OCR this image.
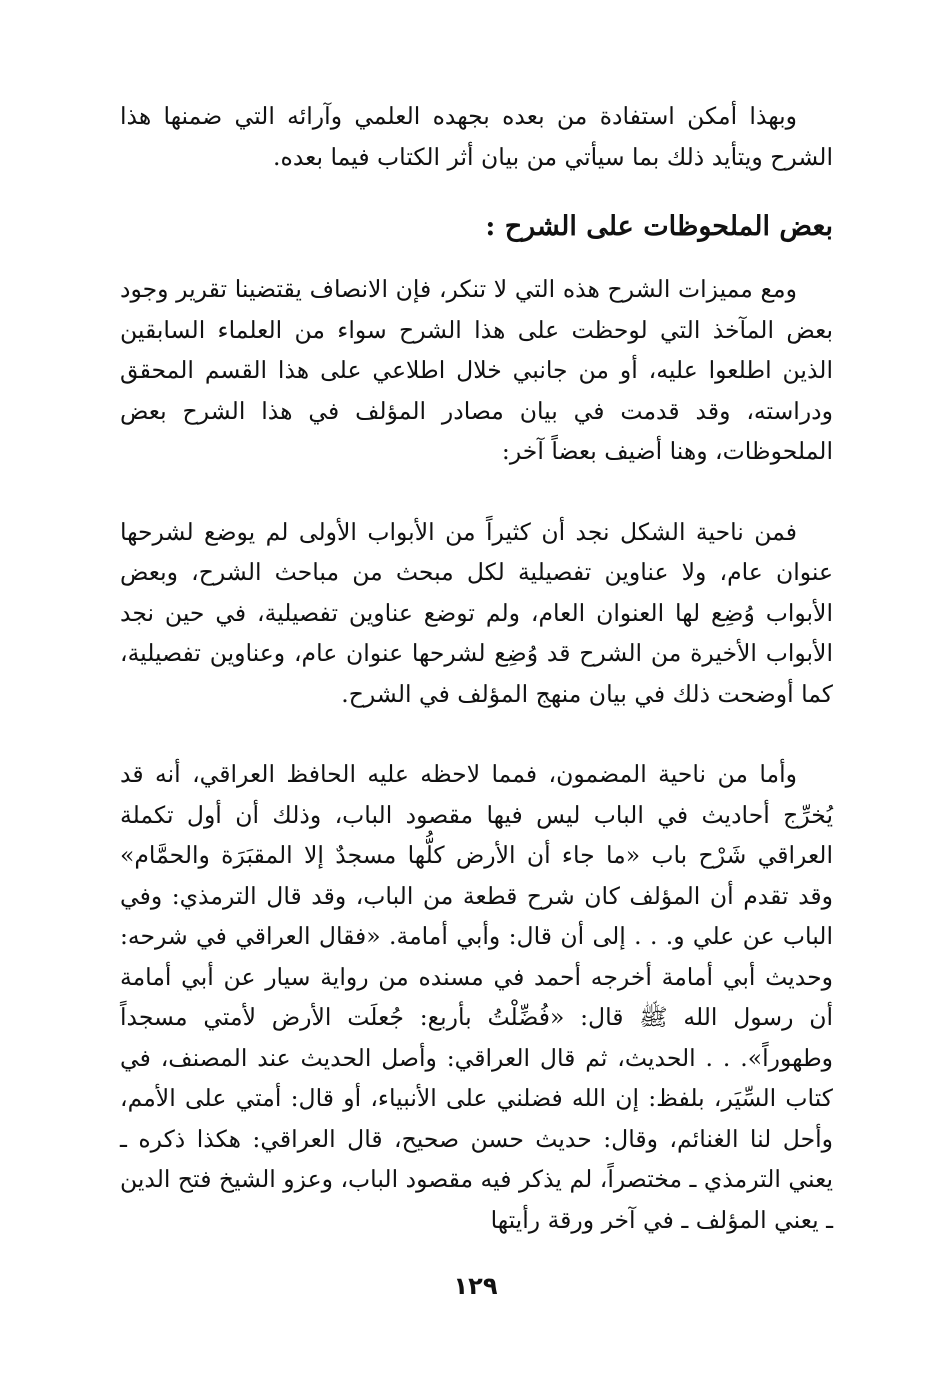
وبهذا أمكن استفادة من بعده بجهده العلمي وآرائه التي ضمنها هذا الشرح ويتأيد ذلك بما سيأتي من بيان أثر الكتاب فيما بعده.

بعض الملحوظات على الشرح :

ومع مميزات الشرح هذه التي لا تنكر، فإن الانصاف يقتضينا تقرير وجود بعض المآخذ التي لوحظت على هذا الشرح سواء من العلماء السابقين الذين اطلعوا عليه، أو من جانبي خلال اطلاعي على هذا القسم المحقق ودراسته، وقد قدمت في بيان مصادر المؤلف في هذا الشرح بعض الملحوظات، وهنا أضيف بعضاً آخر:

فمن ناحية الشكل نجد أن كثيراً من الأبواب الأولى لم يوضع لشرحها عنوان عام، ولا عناوين تفصيلية لكل مبحث من مباحث الشرح، وبعض الأبواب وُضِع لها العنوان العام، ولم توضع عناوين تفصيلية، في حين نجد الأبواب الأخيرة من الشرح قد وُضِع لشرحها عنوان عام، وعناوين تفصيلية، كما أوضحت ذلك في بيان منهج المؤلف في الشرح.

وأما من ناحية المضمون، فمما لاحظه عليه الحافظ العراقي، أنه قد يُخرِّج أحاديث في الباب ليس فيها مقصود الباب، وذلك أن أول تكملة العراقي شَرْح باب «ما جاء أن الأرض كلُّها مسجدٌ إلا المقبَرَة والحمَّام» وقد تقدم أن المؤلف كان شرح قطعة من الباب، وقد قال الترمذي: وفي الباب عن علي و. . . إلى أن قال: وأبي أمامة. «فقال العراقي في شرحه: وحديث أبي أمامة أخرجه أحمد في مسنده من رواية سيار عن أبي أمامة أن رسول الله ﷺ قال: «فُضِّلْتُ بأربع: جُعلَت الأرض لأمتي مسجداً وطهوراً». . . الحديث، ثم قال العراقي: وأصل الحديث عند المصنف، في كتاب السِّيَر، بلفظ: إن الله فضلني على الأنبياء، أو قال: أمتي على الأمم، وأحل لنا الغنائم، وقال: حديث حسن صحيح، قال العراقي: هكذا ذكره ـ يعني الترمذي ـ مختصراً، لم يذكر فيه مقصود الباب، وعزو الشيخ فتح الدين ـ يعني المؤلف ـ في آخر ورقة رأيتها

١٢٩
